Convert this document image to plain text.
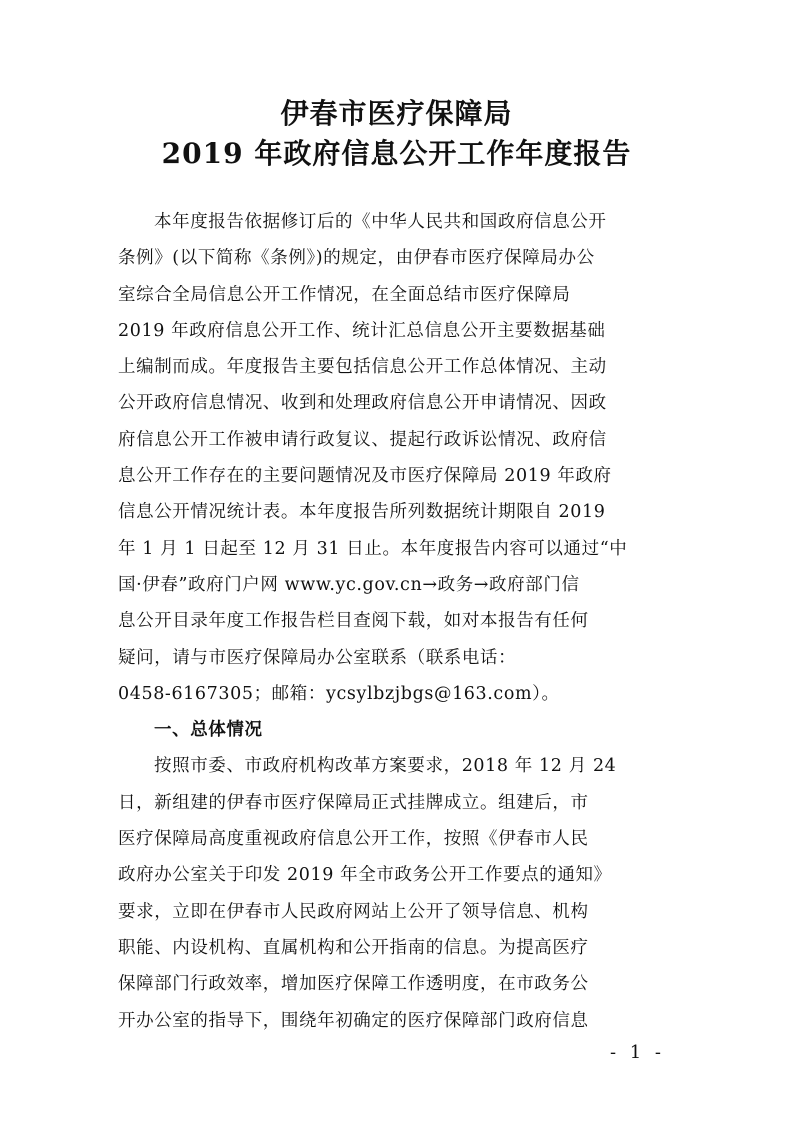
伊春市医疗保障局
2019 年政府信息公开工作年度报告
本年度报告依据修订后的《中华人民共和国政府信息公开
条例》(以下简称《条例》)的规定，由伊春市医疗保障局办公
室综合全局信息公开工作情况，在全面总结市医疗保障局
2019 年政府信息公开工作、统计汇总信息公开主要数据基础
上编制而成。年度报告主要包括信息公开工作总体情况、主动
公开政府信息情况、收到和处理政府信息公开申请情况、因政
府信息公开工作被申请行政复议、提起行政诉讼情况、政府信
息公开工作存在的主要问题情况及市医疗保障局 2019 年政府
信息公开情况统计表。本年度报告所列数据统计期限自 2019
年 1 月 1 日起至 12 月 31 日止。本年度报告内容可以通过“中
国·伊春”政府门户网 www.yc.gov.cn→政务→政府部门信
息公开目录年度工作报告栏目查阅下载，如对本报告有任何
疑问，请与市医疗保障局办公室联系（联系电话：
0458-6167305；邮箱：ycsylbzjbgs@163.com）。
一、总体情况
按照市委、市政府机构改革方案要求，2018 年 12 月 24
日，新组建的伊春市医疗保障局正式挂牌成立。组建后，市
医疗保障局高度重视政府信息公开工作，按照《伊春市人民
政府办公室关于印发 2019 年全市政务公开工作要点的通知》
要求，立即在伊春市人民政府网站上公开了领导信息、机构
职能、内设机构、直属机构和公开指南的信息。为提高医疗
保障部门行政效率，增加医疗保障工作透明度，在市政务公
开办公室的指导下，围绕年初确定的医疗保障部门政府信息
- 1 -
